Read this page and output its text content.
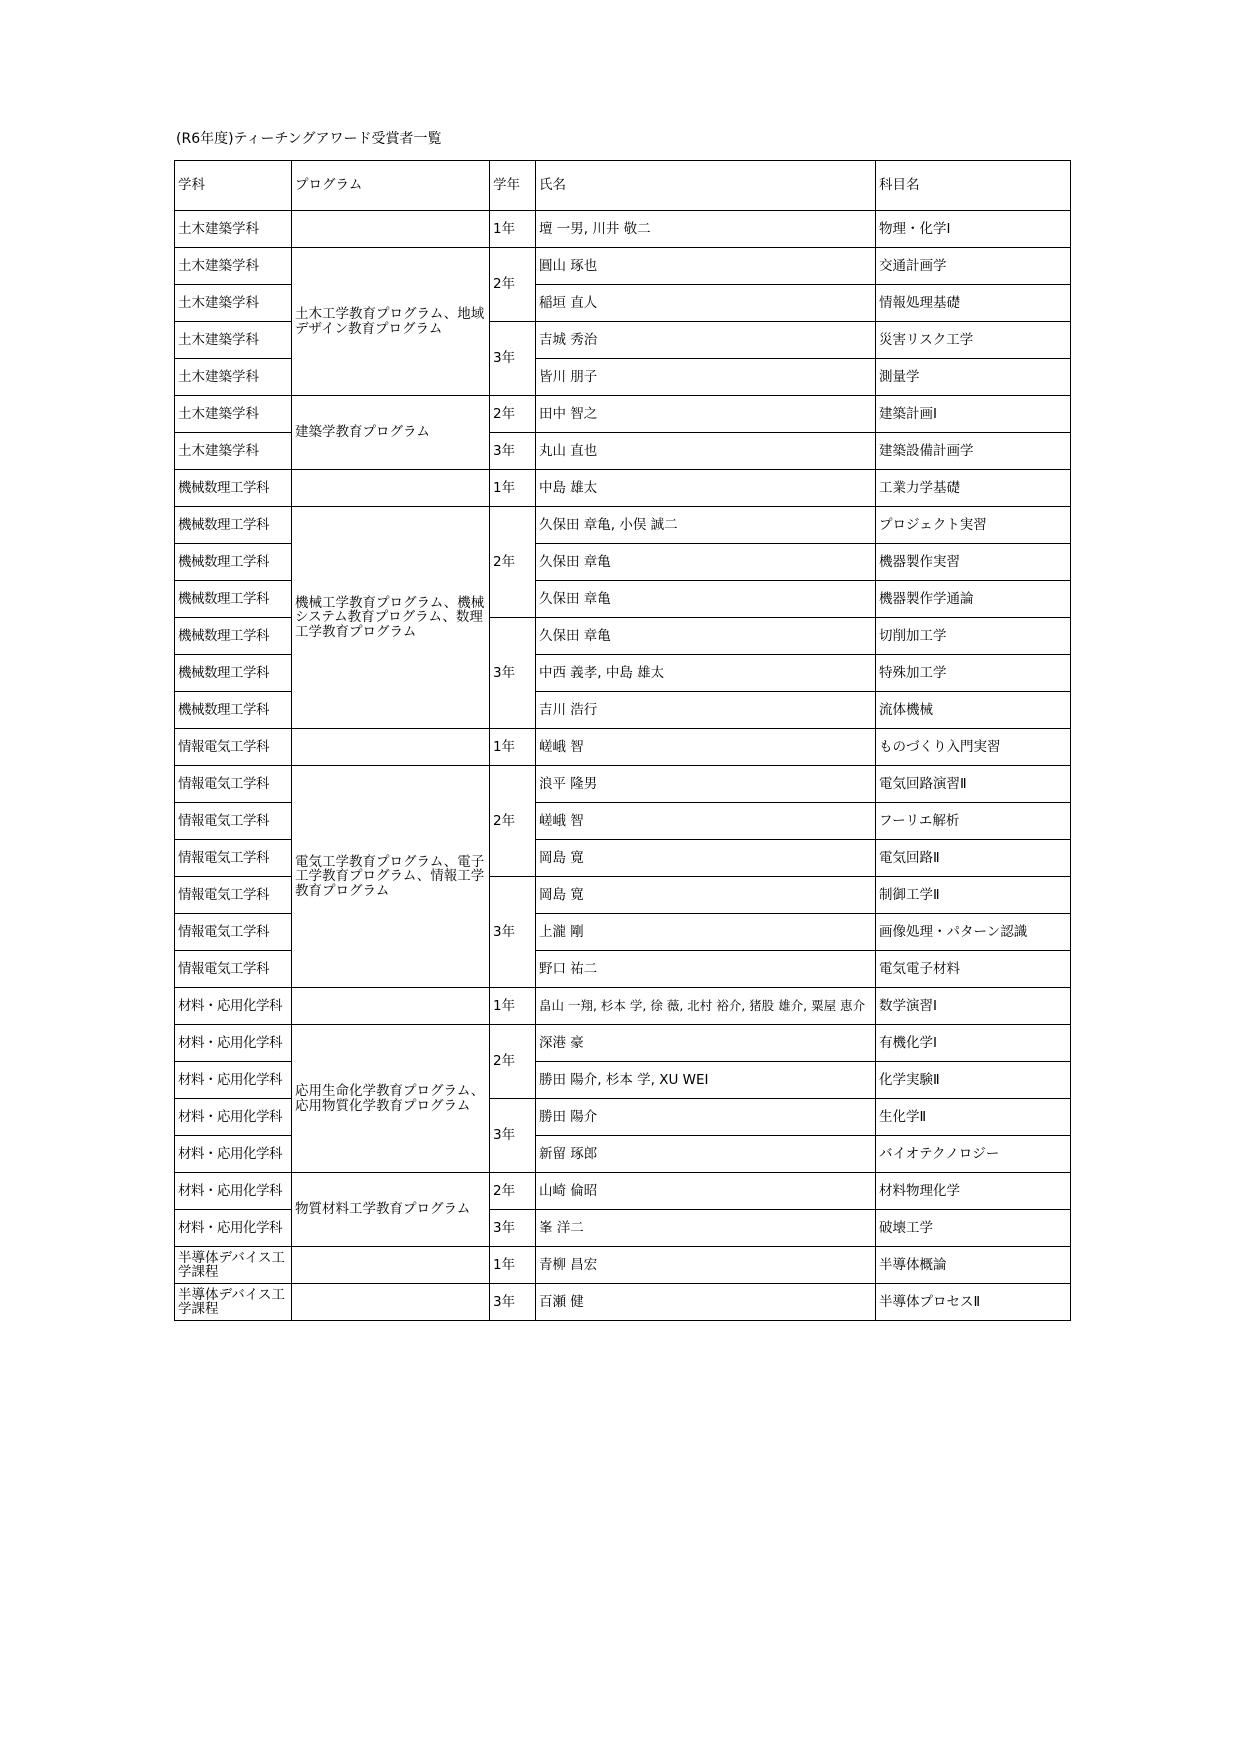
(R6年度)ティーチングアワード受賞者一覧
学科	プログラム	学年	氏名	科目名
土木建築学科		1年	壇 一男, 川井 敬二	物理・化学Ⅰ
土木建築学科	土木工学教育プログラム、地域デザイン教育プログラム	2年	圓山 琢也	交通計画学
土木建築学科			稲垣 直人	情報処理基礎
土木建築学科		3年	吉城 秀治	災害リスク工学
土木建築学科			皆川 朋子	測量学
土木建築学科	建築学教育プログラム	2年	田中 智之	建築計画Ⅰ
土木建築学科		3年	丸山 直也	建築設備計画学
機械数理工学科		1年	中島 雄太	工業力学基礎
機械数理工学科	機械工学教育プログラム、機械システム教育プログラム、数理工学教育プログラム	2年	久保田 章亀, 小俣 誠二	プロジェクト実習
機械数理工学科			久保田 章亀	機器製作実習
機械数理工学科			久保田 章亀	機器製作学通論
機械数理工学科		3年	久保田 章亀	切削加工学
機械数理工学科			中西 義孝, 中島 雄太	特殊加工学
機械数理工学科			吉川 浩行	流体機械
情報電気工学科		1年	嵯峨 智	ものづくり入門実習
情報電気工学科	電気工学教育プログラム、電子工学教育プログラム、情報工学教育プログラム	2年	浪平 隆男	電気回路演習Ⅱ
情報電気工学科			嵯峨 智	フーリエ解析
情報電気工学科			岡島 寛	電気回路Ⅱ
情報電気工学科		3年	岡島 寛	制御工学Ⅱ
情報電気工学科			上瀧 剛	画像処理・パターン認識
情報電気工学科			野口 祐二	電気電子材料
材料・応用化学科		1年	畠山 一翔, 杉本 学, 徐 薇, 北村 裕介, 猪股 雄介, 粟屋 恵介	数学演習Ⅰ
材料・応用化学科	応用生命化学教育プログラム、応用物質化学教育プログラム	2年	深港 豪	有機化学Ⅰ
材料・応用化学科			勝田 陽介, 杉本 学, XU WEI	化学実験Ⅱ
材料・応用化学科		3年	勝田 陽介	生化学Ⅱ
材料・応用化学科			新留 琢郎	バイオテクノロジー
材料・応用化学科	物質材料工学教育プログラム	2年	山崎 倫昭	材料物理化学
材料・応用化学科		3年	峯 洋二	破壊工学
半導体デバイス工学課程		1年	青柳 昌宏	半導体概論
半導体デバイス工学課程		3年	百瀬 健	半導体プロセスⅡ
